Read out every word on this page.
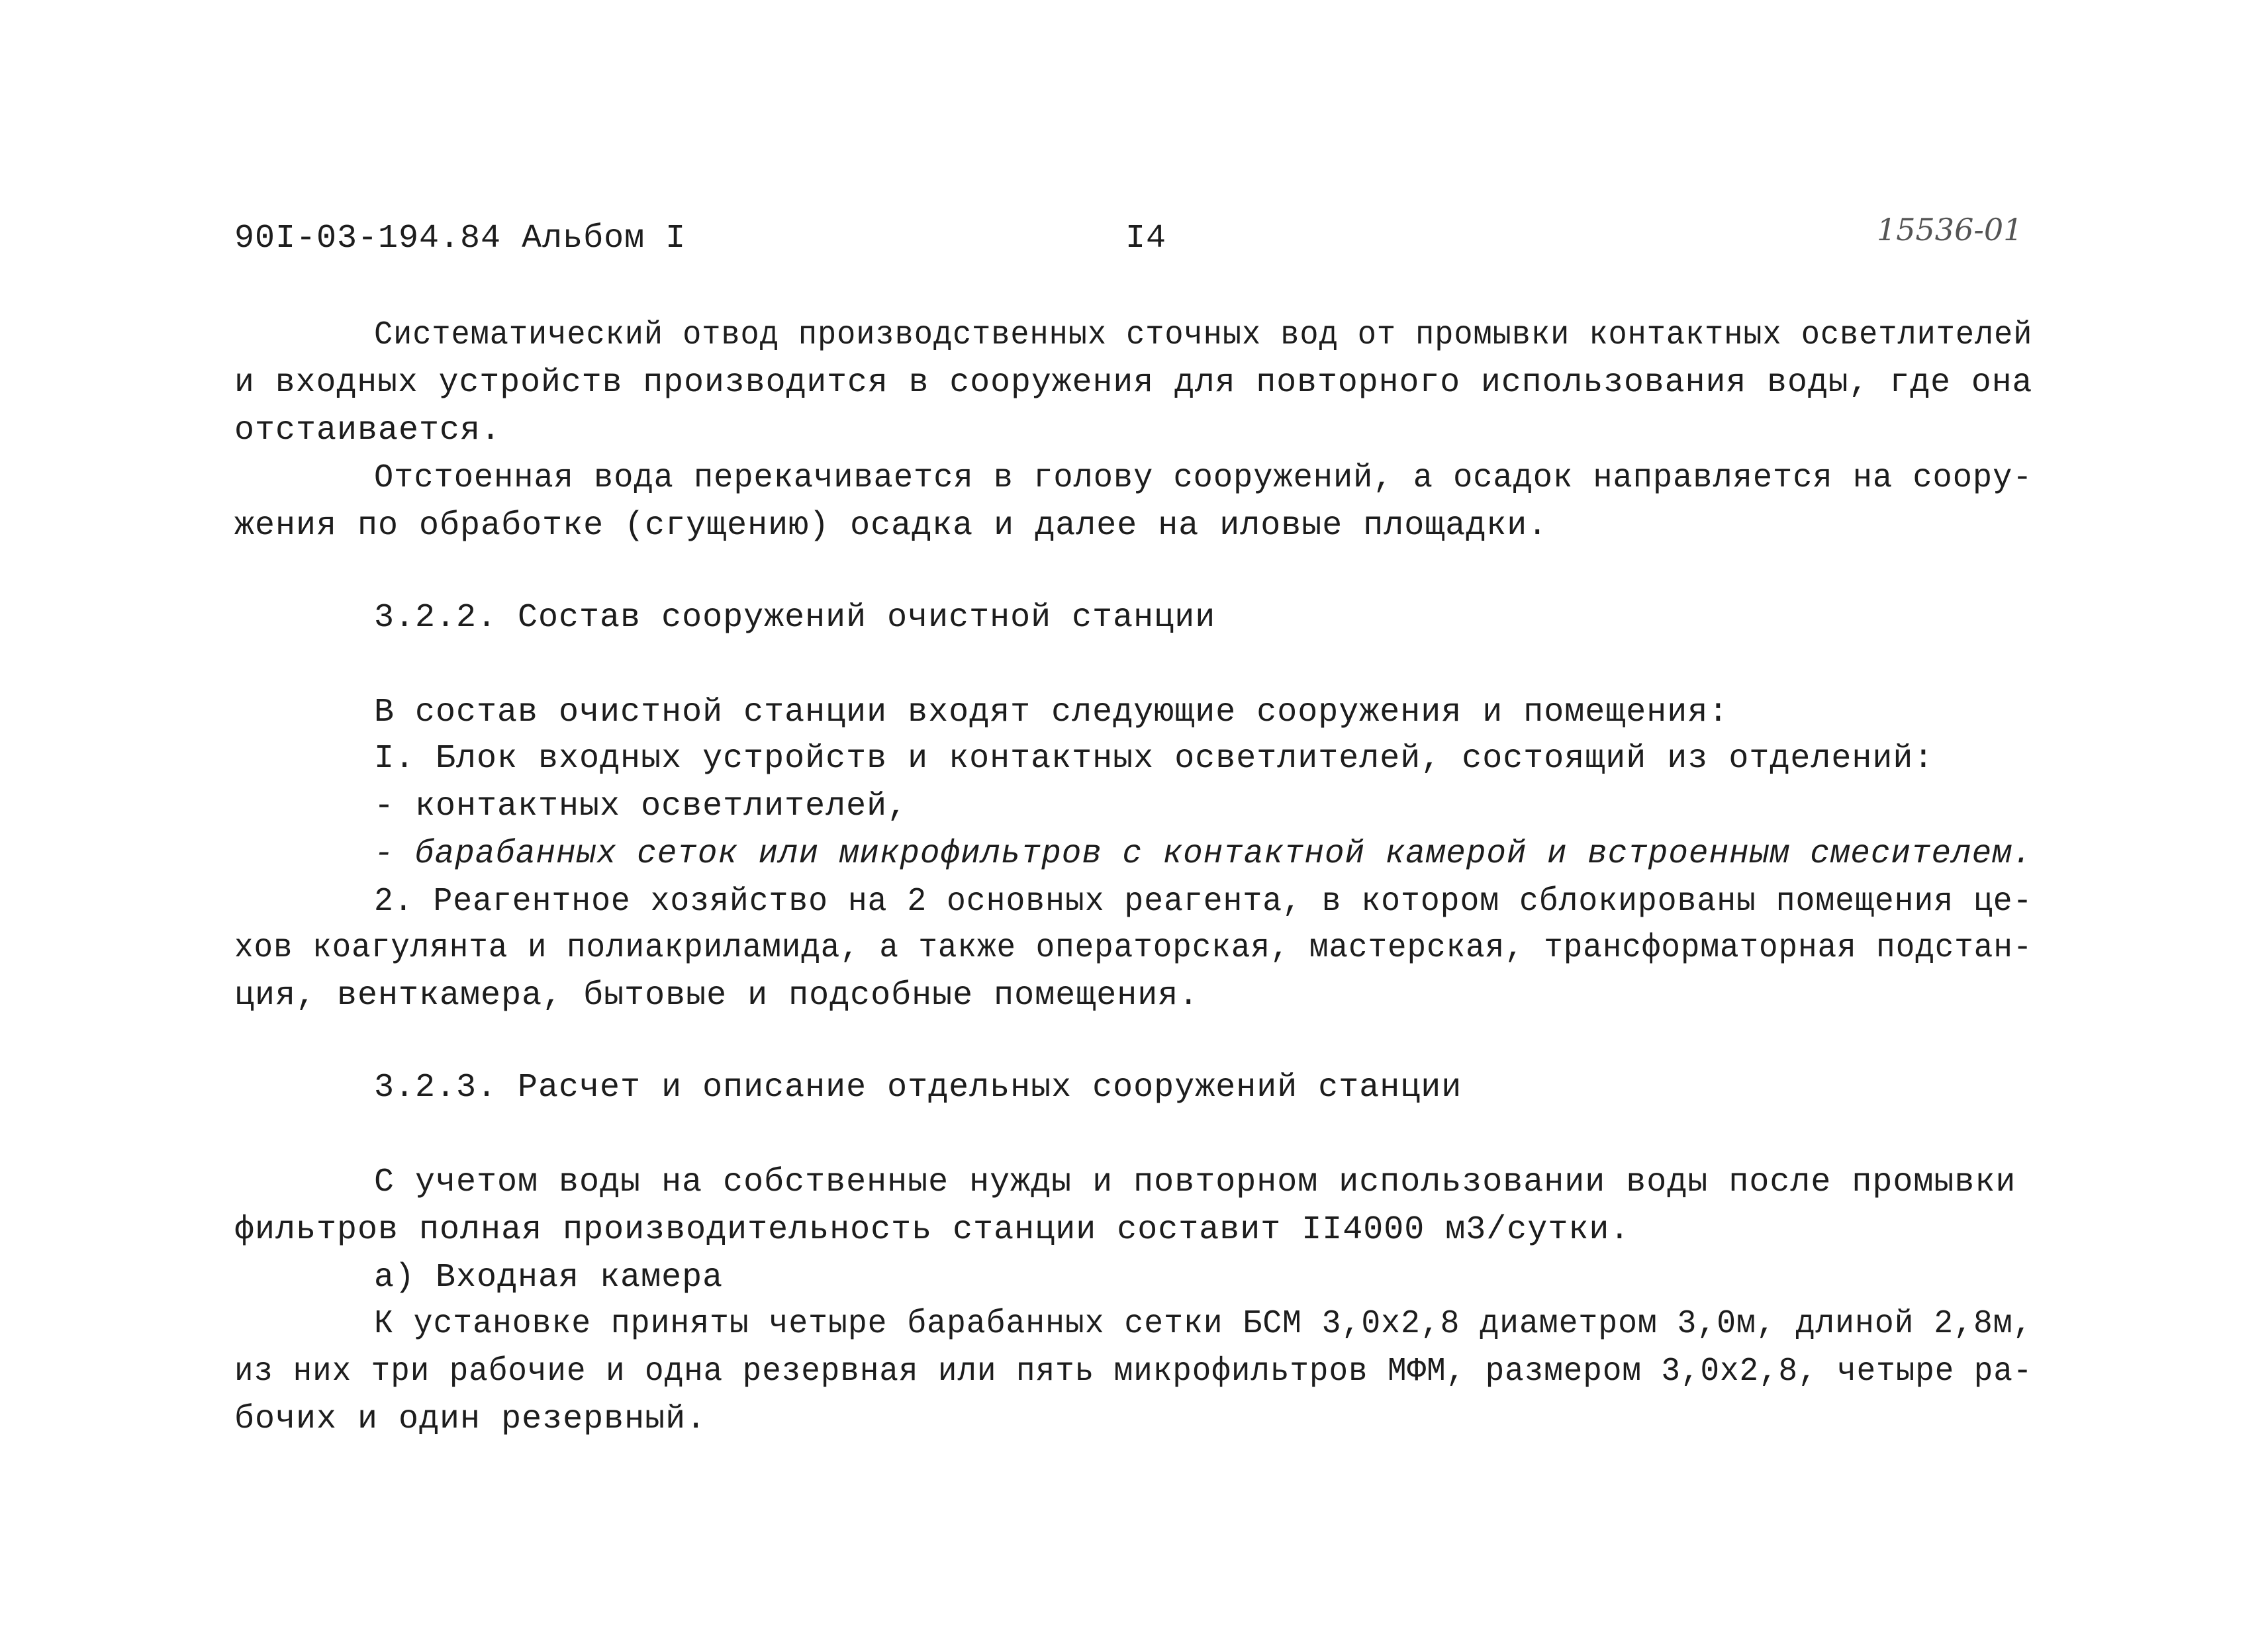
90I-03-194.84 Альбом I	I4	15536-01
Систематический отвод производственных сточных вод от промывки контактных осветлителей
и входных устройств производится в сооружения для повторного использования воды, где она
отстаивается.
Отстоенная вода перекачивается в голову сооружений, а осадок направляется на соору-
жения по обработке (сгущению) осадка и далее на иловые площадки.
3.2.2. Состав сооружений очистной станции
В состав очистной станции входят следующие сооружения и помещения:
I. Блок входных устройств и контактных осветлителей, состоящий из отделений:
- контактных осветлителей,
- барабанных сеток или микрофильтров с контактной камерой и встроенным смесителем.
2. Реагентное хозяйство на 2 основных реагента, в котором сблокированы помещения це-
хов коагулянта и полиакриламида, а также операторская, мастерская, трансформаторная подстан-
ция, венткамера, бытовые и подсобные помещения.
3.2.3. Расчет и описание отдельных сооружений станции
С учетом воды на собственные нужды и повторном использовании воды после промывки
фильтров полная производительность станции составит II4000 м3/сутки.
а) Входная камера
К установке приняты четыре барабанных сетки БСМ 3,0х2,8 диаметром 3,0м, длиной 2,8м,
из них три рабочие и одна резервная или пять микрофильтров МФМ, размером 3,0х2,8, четыре ра-
бочих и один резервный.
